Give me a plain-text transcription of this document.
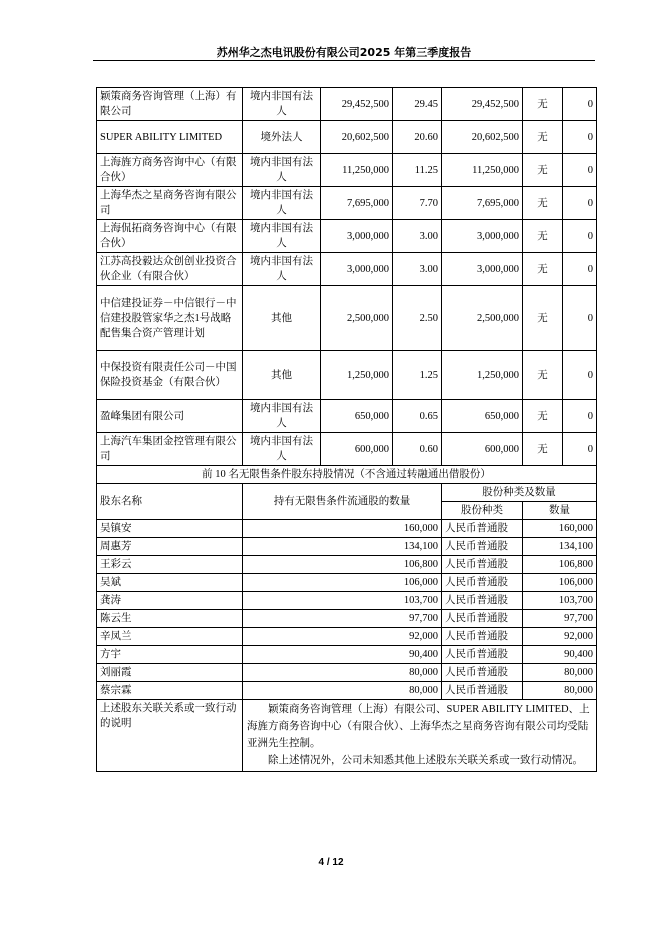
苏州华之杰电讯股份有限公司2025 年第三季度报告
颖策商务咨询管理（上海）有限公司	境内非国有法人	29,452,500	29.45	29,452,500	无	0
SUPER ABILITY LIMITED	境外法人	20,602,500	20.60	20,602,500	无	0
上海旌方商务咨询中心（有限合伙）	境内非国有法人	11,250,000	11.25	11,250,000	无	0
上海华杰之星商务咨询有限公司	境内非国有法人	7,695,000	7.70	7,695,000	无	0
上海侃拓商务咨询中心（有限合伙）	境内非国有法人	3,000,000	3.00	3,000,000	无	0
江苏高投毅达众创创业投资合伙企业（有限合伙）	境内非国有法人	3,000,000	3.00	3,000,000	无	0
中信建投证券－中信银行－中信建投股管家华之杰1号战略配售集合资产管理计划	其他	2,500,000	2.50	2,500,000	无	0
中保投资有限责任公司－中国保险投资基金（有限合伙）	其他	1,250,000	1.25	1,250,000	无	0
盈峰集团有限公司	境内非国有法人	650,000	0.65	650,000	无	0
上海汽车集团金控管理有限公司	境内非国有法人	600,000	0.60	600,000	无	0
前 10 名无限售条件股东持股情况（不含通过转融通出借股份）						
股东名称	持有无限售条件流通股的数量			股份种类及数量		
				股份种类	数量	
吴镇安	160,000			人民币普通股	160,000	
周惠芳	134,100			人民币普通股	134,100	
王彩云	106,800			人民币普通股	106,800	
吴斌	106,000			人民币普通股	106,000	
龚涛	103,700			人民币普通股	103,700	
陈云生	97,700			人民币普通股	97,700	
辛凤兰	92,000			人民币普通股	92,000	
方宇	90,400			人民币普通股	90,400	
刘丽霞	80,000			人民币普通股	80,000	
蔡宗霖	80,000			人民币普通股	80,000	
上述股东关联关系或一致行动的说明	颖策商务咨询管理（上海）有限公司、SUPER ABILITY LIMITED、上海旌方商务咨询中心（有限合伙）、上海华杰之星商务咨询有限公司均受陆亚洲先生控制。

除上述情况外，公司未知悉其他上述股东关联关系或一致行动情况。					

4 / 12
